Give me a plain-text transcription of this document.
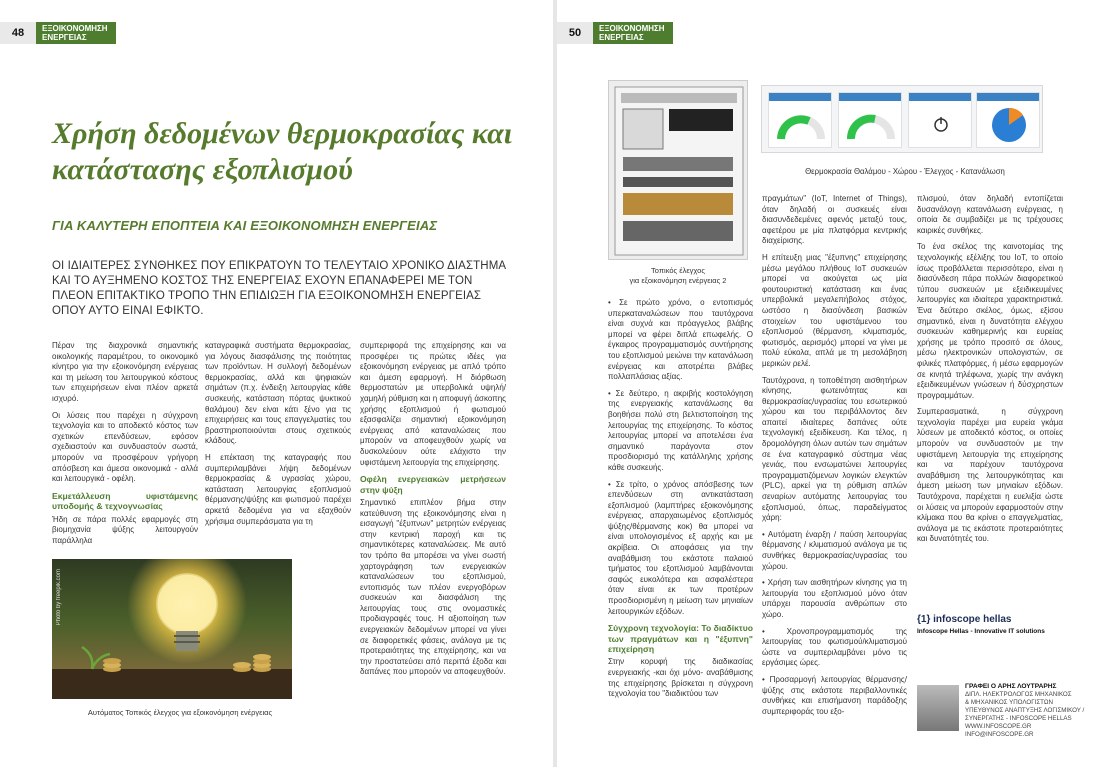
48	ΕΞΟΙΚΟΝΟΜΗΣΗ ΕΝΕΡΓΕΙΑΣ
Χρήση δεδομένων θερμοκρασίας και κατάστασης εξοπλισμού
ΓΙΑ ΚΑΛΥΤΕΡΗ ΕΠΟΠΤΕΙΑ ΚΑΙ ΕΞΟΙΚΟΝΟΜΗΣΗ ΕΝΕΡΓΕΙΑΣ

ΟΙ ΙΔΙΑΙΤΕΡΕΣ ΣΥΝΘΗΚΕΣ ΠΟΥ ΕΠΙΚΡΑΤΟΥΝ ΤΟ ΤΕΛΕΥΤΑΙΟ ΧΡΟΝΙΚΟ ΔΙΑΣΤΗΜΑ ΚΑΙ ΤΟ ΑΥΞΗΜΕΝΟ ΚΟΣΤΟΣ ΤΗΣ ΕΝΕΡΓΕΙΑΣ ΕΧΟΥΝ ΕΠΑΝΑΦΕΡΕΙ ΜΕ ΤΟΝ ΠΛΕΟΝ ΕΠΙΤΑΚΤΙΚΟ ΤΡΟΠΟ ΤΗΝ ΕΠΙΔΙΩΞΗ ΓΙΑ ΕΞΟΙΚΟΝΟΜΗΣΗ ΕΝΕΡΓΕΙΑΣ ΟΠΟΥ ΑΥΤΟ ΕΙΝΑΙ ΕΦΙΚΤΟ.

Πέραν της διαχρονικά σημαντικής οικολογικής παραμέτρου, το οικονομικό κίνητρο για την εξοικονόμηση ενέργειας και τη μείωση του λειτουργικού κόστους των επιχειρήσεων είναι πλέον αρκετά ισχυρό.

Οι λύσεις που παρέχει η σύγχρονη τεχνολογία και το αποδεκτό κόστος των σχετικών επενδύσεων, εφόσον σχεδιαστούν και συνδυαστούν σωστά, μπορούν να προσφέρουν γρήγορη απόσβεση και άμεσα οικονομικά - αλλά και λειτουργικά - οφέλη.

Εκμετάλλευση υφιστάμενης υποδομής & τεχνογνωσίας

Ήδη σε πάρα πολλές εφαρμογές στη βιομηχανία ψύξης λειτουργούν παράλληλα

καταγραφικά συστήματα θερμοκρασίας, για λόγους διασφάλισης της ποιότητας των προϊόντων. Η συλλογή δεδομένων θερμοκρασίας, αλλά και ψηφιακών σημάτων (π.χ. ένδειξη λειτουργίας κάθε συσκευής, κατάσταση πόρτας ψυκτικού θαλάμου) δεν είναι κάτι ξένο για τις επιχειρήσεις και τους επαγγελματίες του βραστηριοποιούνται στους σχετικούς κλάδους.

Η επέκταση της καταγραφής που συμπεριλαμβάνει λήψη δεδομένων θερμοκρασίας & υγρασίας χώρου, κατάσταση λειτουργίας εξοπλισμού θέρμανσης/ψύξης και φωτισμού παρέχει αρκετά δεδομένα για να εξαχθούν χρήσιμα συμπεράσματα για τη

συμπεριφορά της επιχείρησης και να προσφέρει τις πρώτες ιδέες για εξοικονόμηση ενέργειας με απλό τρόπο και άμεση εφαρμογή. Η διόρθωση θερμοστατών με υπερβολικά υψηλή/χαμηλή ρύθμιση και η αποφυγή άσκοπης χρήσης εξοπλισμού ή φωτισμού εξασφαλίζει σημαντική εξοικονόμηση ενέργειας από καταναλώσεις που μπορούν να αποφευχθούν χωρίς να δυσκολεύουν ούτε ελάχιστο την υφιστάμενη λειτουργία της επιχείρησης.

Οφέλη ενεργειακών μετρήσεων στην ψύξη

Σημαντικό επιπλέον βήμα στην κατεύθυνση της εξοικονόμησης είναι η εισαγωγή "έξυπνων" μετρητών ενέργειας στην κεντρική παροχή και τις σημαντικότερες καταναλώσεις. Με αυτό τον τρόπο θα μπορέσει να γίνει σωστή χαρτογράφηση των ενεργειακών καταναλώσεων του εξοπλισμού, εντοπισμός των πλέον ενεργοβόρων συσκευών και διασφάλιση της λειτουργίας τους στις ονομαστικές προδιαγραφές τους. Η αξιοποίηση των ενεργειακών δεδομένων μπορεί να γίνει σε διαφορετικές φάσεις, ανάλογα με τις προτεραιότητες της επιχείρησης, και να την προστατεύσει από περιττά έξοδα και δαπάνες που μπορούν να αποφευχθούν.

Photo by freepik.com
Αυτόματος Τοπικός έλεγχος για εξοικονόμηση ενέργειας
50	ΕΞΟΙΚΟΝΟΜΗΣΗ ΕΝΕΡΓΕΙΑΣ
Τοπικός έλεγχος
για εξοικονόμηση ενέργειας 2
Θερμοκρασία Θαλάμου - Χώρου - Έλεγχος - Κατανάλωση

• Σε πρώτο χρόνο, ο εντοπισμός υπερκαταναλώσεων που ταυτόχρονα είναι συχνά και πρόαγγελος βλάβης μπορεί να φέρει διπλά επωφελής. Ο έγκαιρος προγραμματισμός συντήρησης του εξοπλισμού μειώνει την κατανάλωση ενέργειας και αποτρέπει βλάβες πολλαπλάσιας αξίας.

• Σε δεύτερο, η ακριβής κοστολόγηση της ενεργειακής κατανάλωσης θα βοηθήσει πολύ στη βελτιστοποίηση της λειτουργίας της επιχείρησης. Το κόστος λειτουργίας μπορεί να αποτελέσει ένα σημαντικό παράγοντα στον προσδιορισμό της κατάλληλης χρήσης κάθε συσκευής.

• Σε τρίτο, ο χρόνος απόσβεσης των επενδύσεων στη αντικατάσταση εξοπλισμού (λαμπτήρες εξοικονόμησης ενέργειας, απαρχαιωμένος εξοπλισμός ψύξης/θέρμανσης κοκ) θα μπορεί να είναι υπολογισμένος εξ αρχής και με ακρίβεια. Οι αποφάσεις για την αναβάθμιση του εκάστοτε παλαιού τμήματος του εξοπλισμού λαμβάνονται σαφώς ευκολότερα και ασφαλέστερα όταν είναι εκ των προτέρων προσδιορισμένη η μείωση των μηνιαίων λειτουργικών εξόδων.

Σύγχρονη τεχνολογία: Το διαδίκτυο των πραγμάτων και η "έξυπνη" επιχείρηση

Στην κορυφή της διαδικασίας ενεργειακής -και όχι μόνο- αναβάθμισης της επιχείρησης βρίσκεται η σύγχρονη τεχνολογία του "διαδικτύου των

πραγμάτων" (IoT, Internet of Things), όταν δηλαδή οι συσκευές είναι διασυνδεδεμένες αφενός μεταξύ τους, αφετέρου με μία πλατφόρμα κεντρικής διαχείρισης.

Η επίτευξη μιας "έξυπνης" επιχείρησης μέσω μεγάλου πλήθους IoT συσκευών μπορεί να ακούγεται ως μία φουτουριστική κατάσταση και ένας υπερβολικά μεγαλεπήβολος στόχος, ωστόσο η διασύνδεση βασικών στοιχείων του υφιστάμενου του εξοπλισμού (θέρμανση, κλιματισμός, φωτισμός, αερισμός) μπορεί να γίνει με πολύ εύκολα, απλά με τη μεσολάβηση μερικών ρελέ.

Ταυτόχρονα, η τοποθέτηση αισθητήρων κίνησης, φωτεινότητας και θερμοκρασίας/υγρασίας του εσωτερικού χώρου και του περιβάλλοντος δεν απαιτεί ιδιαίτερες δαπάνες ούτε τεχνολογική εξειδίκευση. Και τέλος, η δρομολόγηση όλων αυτών των σημάτων σε ένα καταγραφικό σύστημα νέας γενιάς, που ενσωματώνει λειτουργίες προγραμματιζόμενων λογικών ελεγκτών (PLC), αρκεί για τη ρύθμιση απλών σεναρίων αυτόματης λειτουργίας του εξοπλισμού, όπως, παραδείγματος χάρη:

• Αυτόματη έναρξη / παύση λειτουργίας θέρμανσης / κλιματισμού ανάλογα με τις συνθήκες θερμοκρασίας/υγρασίας του χώρου.

• Χρήση των αισθητήρων κίνησης για τη λειτουργία του εξοπλισμού μόνο όταν υπάρχει παρουσία ανθρώπων στο χώρο.

• Χρονοπρογραμματισμός της λειτουργίας του φωτισμού/κλιματισμού ώστε να συμπεριλαμβάνει μόνο τις εργάσιμες ώρες.

• Προσαρμογή λειτουργίας θέρμανσης/ψύξης στις εκάστοτε περιβαλλοντικές συνθήκες και επισήμανση παράδοξης συμπεριφοράς του εξο-

πλισμού, όταν δηλαδή εντοπίζεται δυσανάλογη κατανάλωση ενέργειας, η οποία δε συμβαδίζει με τις τρέχουσες καιρικές συνθήκες.

Το ένα σκέλος της καινοτομίας της τεχνολογικής εξέλιξης του IoT, το οποίο ίσως προβάλλεται περισσότερο, είναι η διασύνδεση πάρα πολλών διαφορετικού τύπου συσκευών με εξειδικευμένες λειτουργίες και ιδιαίτερα χαρακτηριστικά. Ένα δεύτερο σκέλος, όμως, εξίσου σημαντικό, είναι η δυνατότητα ελέγχου συσκευών καθημερινής και ευρείας χρήσης με τρόπο προσιτό σε όλους, μέσω ηλεκτρονικών υπολογιστών, σε φιλικές πλατφόρμες, ή μέσω εφαρμογών σε κινητά τηλέφωνα, χωρίς την ανάγκη εξειδικευμένων γνώσεων ή δύσχρηστων προγραμμάτων.

Συμπερασματικά, η σύγχρονη τεχνολογία παρέχει μια ευρεία γκάμα λύσεων με αποδεκτό κόστος, οι οποίες μπορούν να συνδυαστούν με την υφιστάμενη λειτουργία της επιχείρησης και να παρέχουν ταυτόχρονα αναβάθμιση της λειτουργικότητας και άμεση μείωση των μηνιαίων εξόδων. Ταυτόχρονα, παρέχεται η ευελιξία ώστε οι λύσεις να μπορούν εφαρμοστούν στην κλίμακα που θα κρίνει ο επαγγελματίας, ανάλογα με τις εκάστοτε προτεραιότητες και δυνατότητές του.

{1} infoscope hellas
Infoscope Hellas - Innovative IT solutions
ΓΡΑΦΕΙ Ο ΑΡΗΣ ΛΟΥΤΡΑΡΗΣ
ΔΙΠΛ. ΗΛΕΚΤΡΟΛΟΓΟΣ ΜΗΧΑΝΙΚΟΣ
& ΜΗΧΑΝΙΚΟΣ ΥΠΟΛΟΓΙΣΤΩΝ
ΥΠΕΥΘΥΝΟΣ ΑΝΑΠΤΥΞΗΣ ΛΟΓΙΣΜΙΚΟΥ /
ΣΥΝΕΡΓΑΤΗΣ - INFOSCOPE HELLAS
WWW.INFOSCOPE.GR
INFO@INFOSCOPE.GR
